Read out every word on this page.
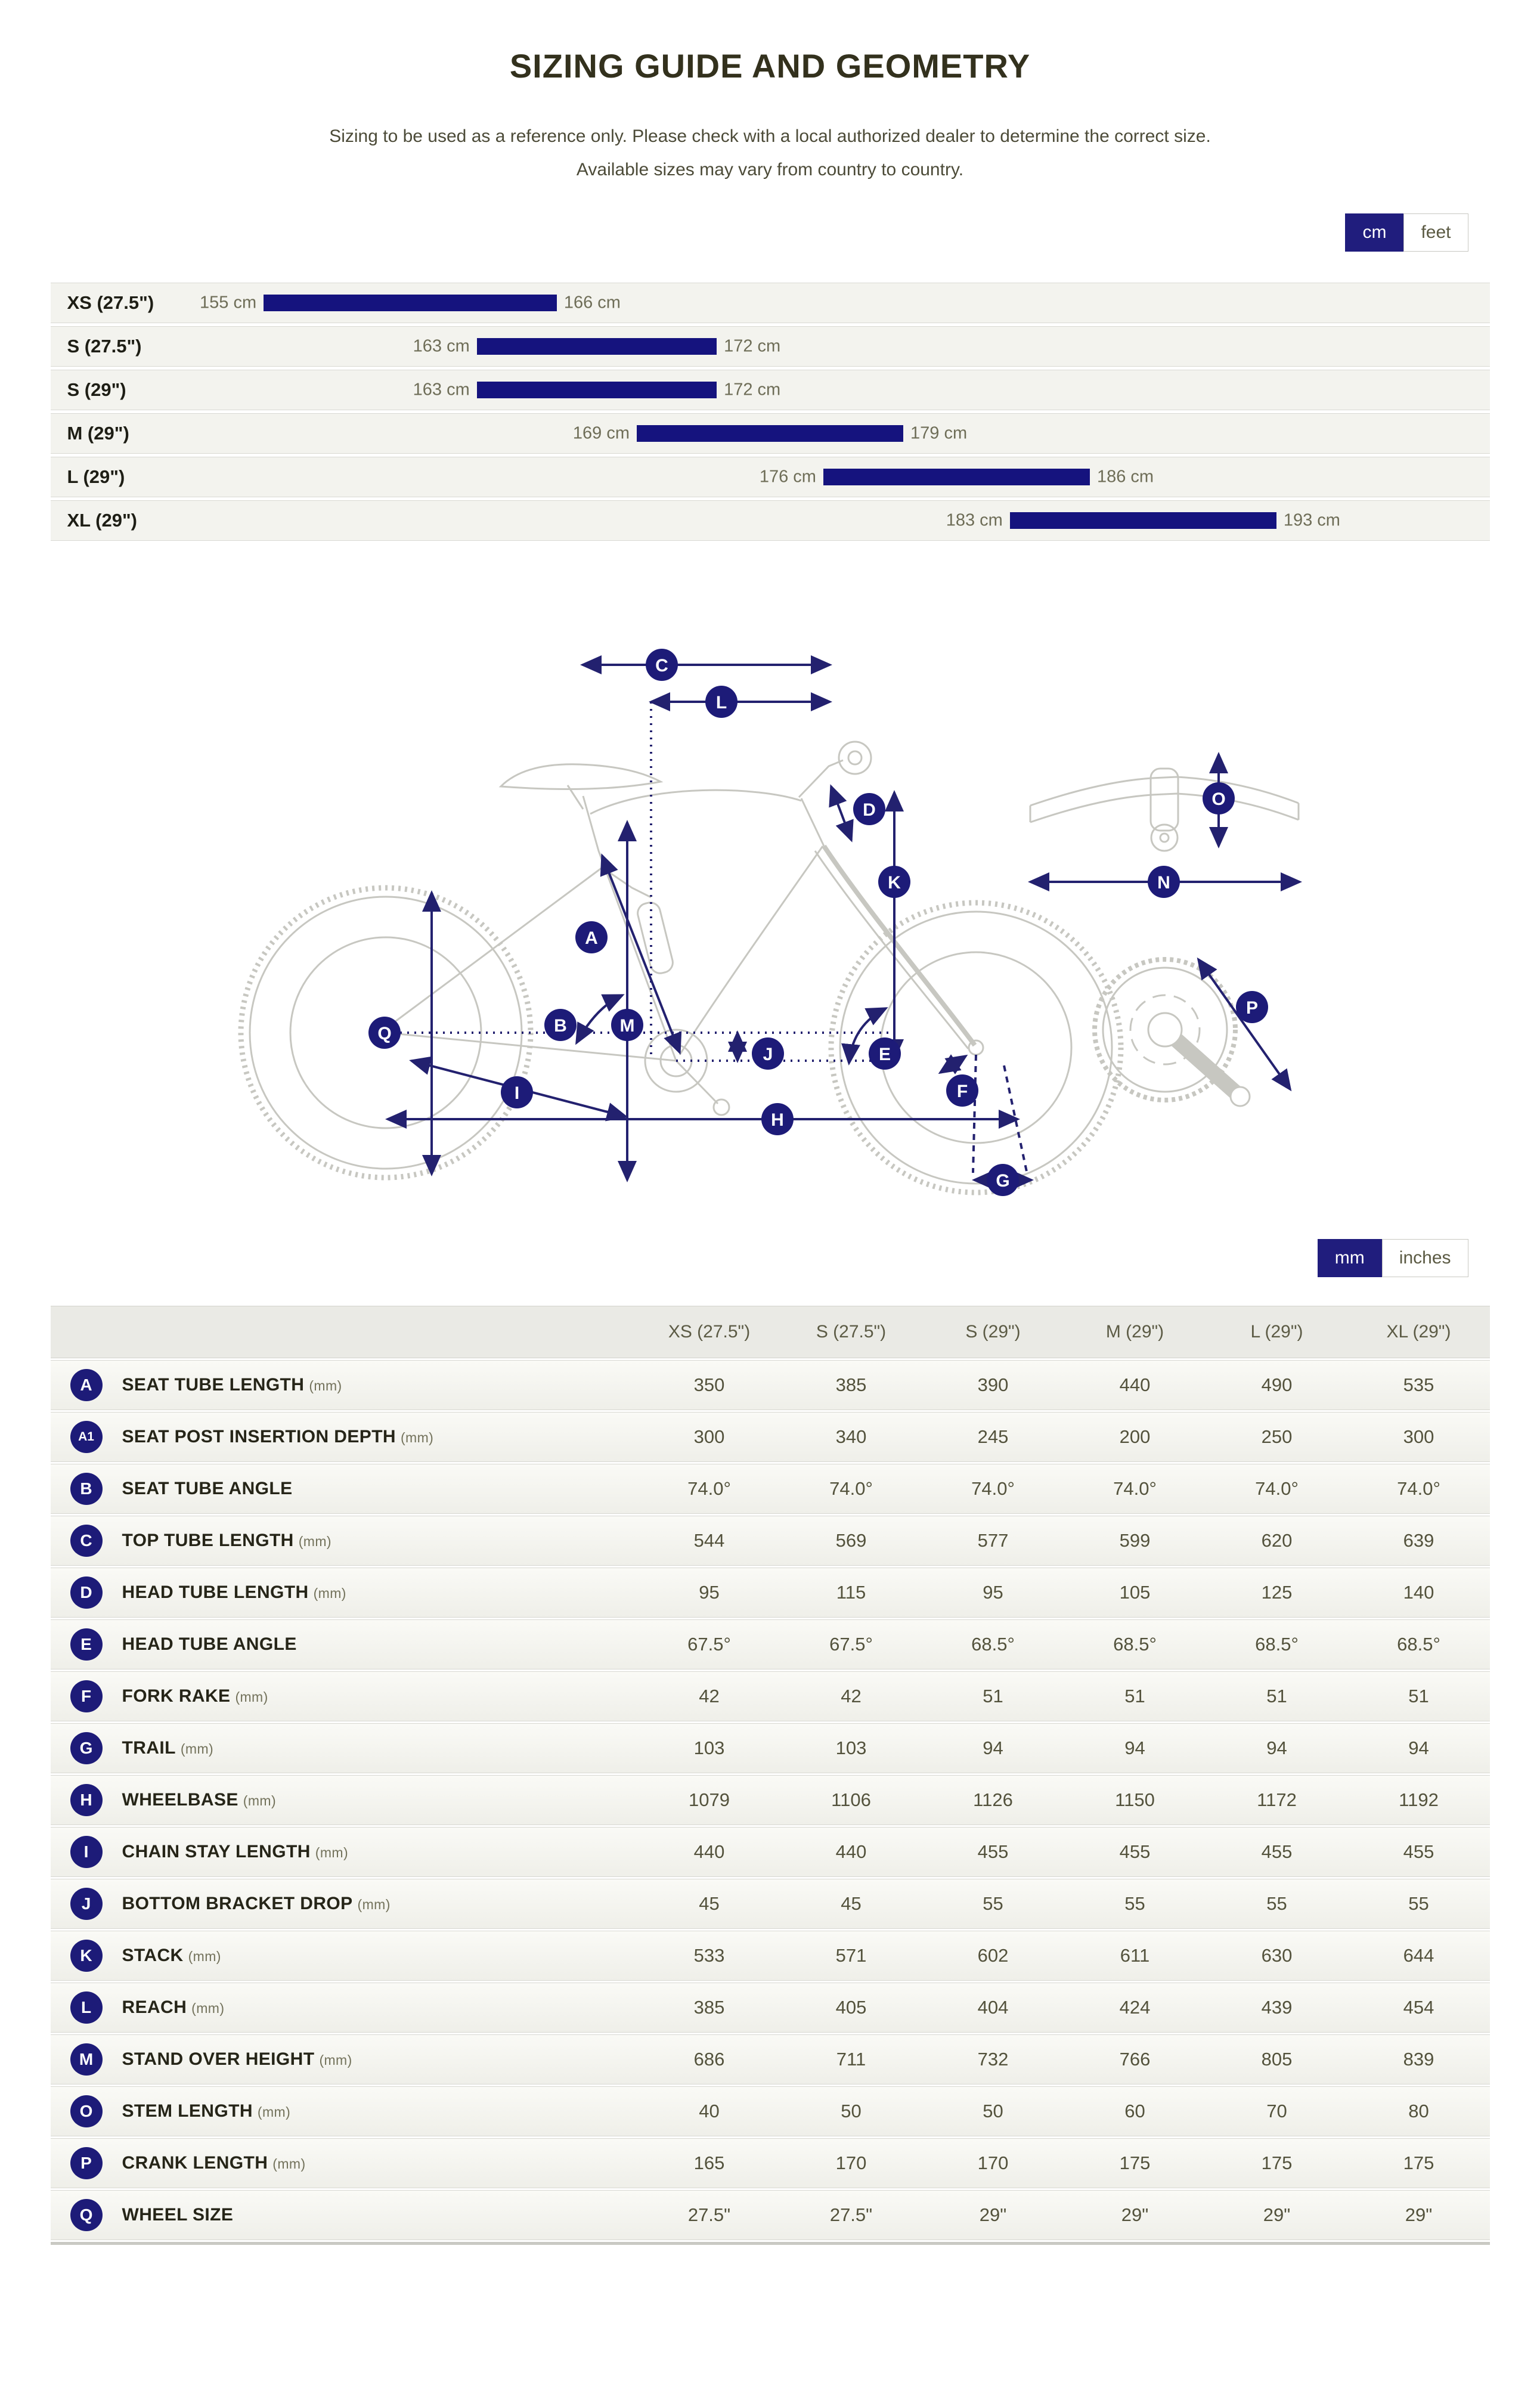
SIZING GUIDE AND GEOMETRY

Sizing to be used as a reference only. Please check with a local authorized dealer to determine the correct size.
Available sizes may vary from country to country.

cm	feet
XS (27.5")	155 cm	166 cm
S (27.5")	163 cm	172 cm
S (29")	163 cm	172 cm
M (29")	169 cm	179 cm
L (29")	176 cm	186 cm
XL (29")	183 cm	193 cm
A
B
C
D
E
F
G
H
I
J
K
L
M
N
O
P
Q
mm	inches
XS (27.5")	S (27.5")	S (29")	M (29")	L (29")	XL (29")
A	SEAT TUBE LENGTH (mm)	350	385	390	440	490	535
A1	SEAT POST INSERTION DEPTH (mm)	300	340	245	200	250	300
B	SEAT TUBE ANGLE	74.0°	74.0°	74.0°	74.0°	74.0°	74.0°
C	TOP TUBE LENGTH (mm)	544	569	577	599	620	639
D	HEAD TUBE LENGTH (mm)	95	115	95	105	125	140
E	HEAD TUBE ANGLE	67.5°	67.5°	68.5°	68.5°	68.5°	68.5°
F	FORK RAKE (mm)	42	42	51	51	51	51
G	TRAIL (mm)	103	103	94	94	94	94
H	WHEELBASE (mm)	1079	1106	1126	1150	1172	1192
I	CHAIN STAY LENGTH (mm)	440	440	455	455	455	455
J	BOTTOM BRACKET DROP (mm)	45	45	55	55	55	55
K	STACK (mm)	533	571	602	611	630	644
L	REACH (mm)	385	405	404	424	439	454
M	STAND OVER HEIGHT (mm)	686	711	732	766	805	839
O	STEM LENGTH (mm)	40	50	50	60	70	80
P	CRANK LENGTH (mm)	165	170	170	175	175	175
Q	WHEEL SIZE	27.5"	27.5"	29"	29"	29"	29"
